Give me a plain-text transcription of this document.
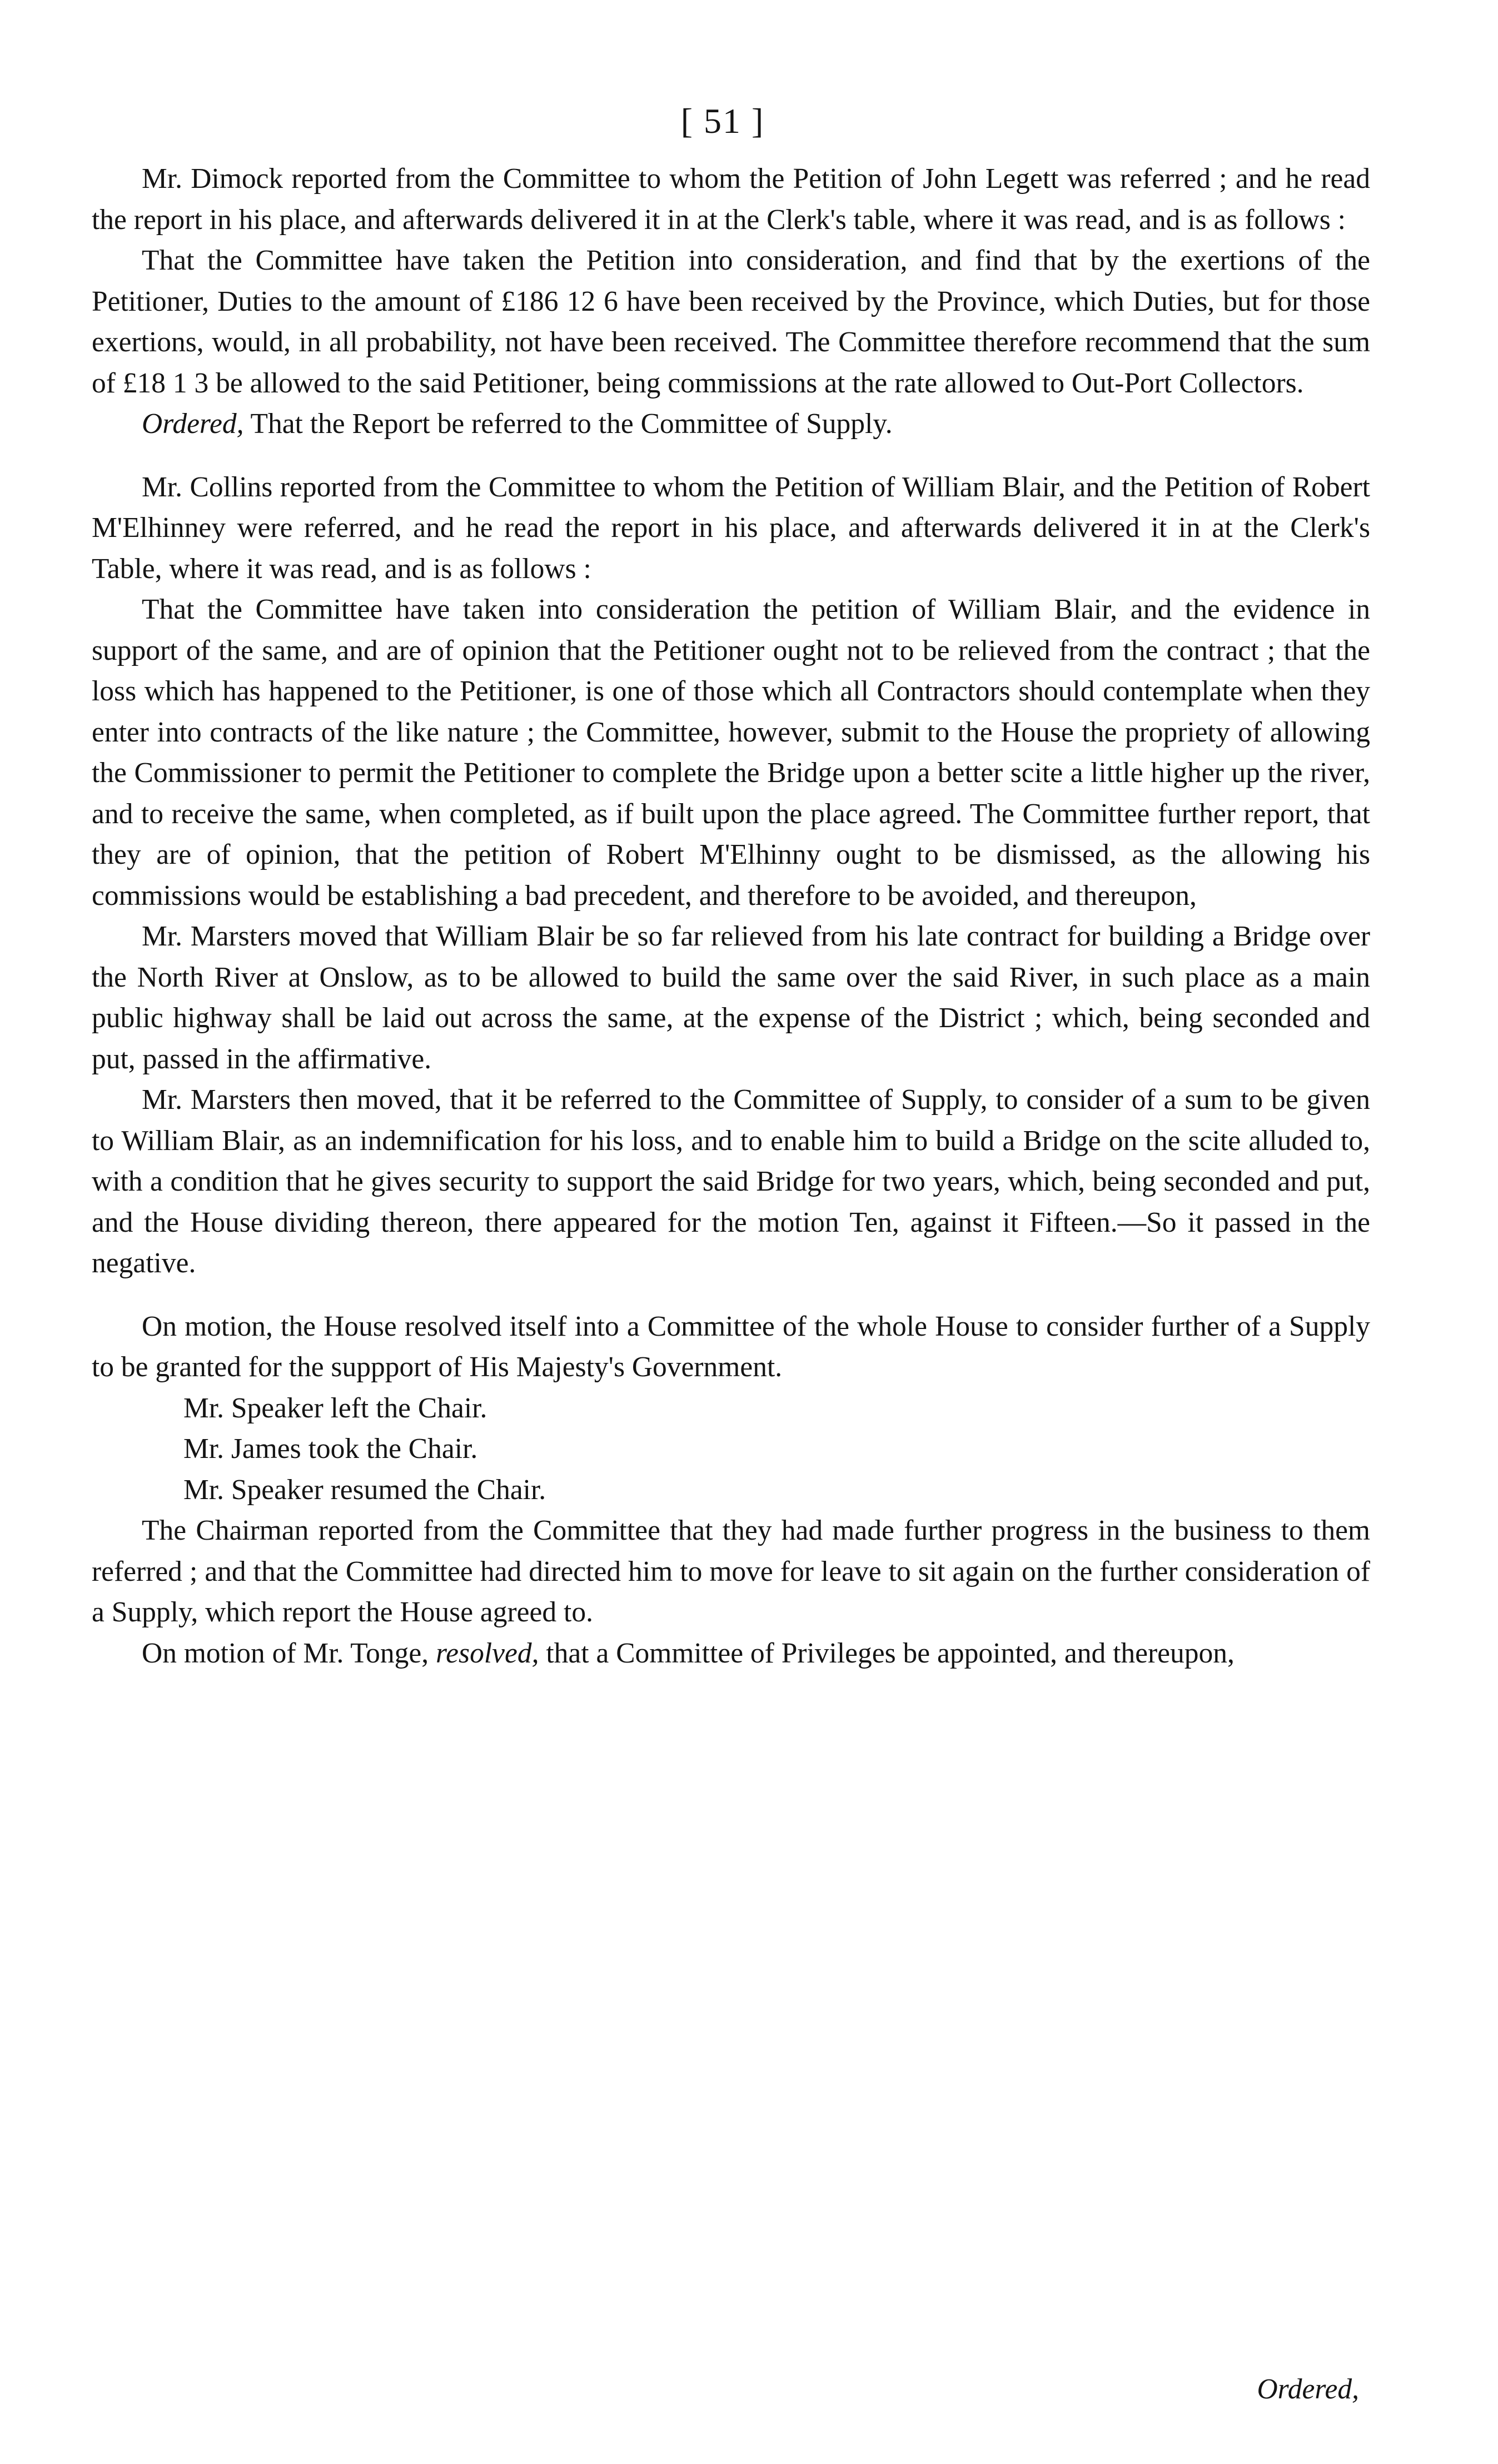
[ 51 ]

Mr. Dimock reported from the Committee to whom the Petition of John Legett was referred ; and he read the report in his place, and afterwards delivered it in at the Clerk's table, where it was read, and is as follows :

That the Committee have taken the Petition into consideration, and find that by the exertions of the Petitioner, Duties to the amount of £186 12 6 have been received by the Province, which Duties, but for those exertions, would, in all probability, not have been received. The Committee therefore recommend that the sum of £18 1 3 be allowed to the said Petitioner, being commissions at the rate allowed to Out-Port Collectors.

Ordered, That the Report be referred to the Committee of Supply.

Mr. Collins reported from the Committee to whom the Petition of William Blair, and the Petition of Robert M'Elhinney were referred, and he read the report in his place, and afterwards delivered it in at the Clerk's Table, where it was read, and is as follows :

That the Committee have taken into consideration the petition of William Blair, and the evidence in support of the same, and are of opinion that the Petitioner ought not to be relieved from the contract ; that the loss which has happened to the Petitioner, is one of those which all Contractors should contemplate when they enter into contracts of the like nature ; the Committee, however, submit to the House the propriety of allowing the Commissioner to permit the Petitioner to complete the Bridge upon a better scite a little higher up the river, and to receive the same, when completed, as if built upon the place agreed. The Committee further report, that they are of opinion, that the petition of Robert M'Elhinny ought to be dismissed, as the allowing his commissions would be establishing a bad precedent, and therefore to be avoided, and thereupon,

Mr. Marsters moved that William Blair be so far relieved from his late contract for building a Bridge over the North River at Onslow, as to be allowed to build the same over the said River, in such place as a main public highway shall be laid out across the same, at the expense of the District ; which, being seconded and put, passed in the affirmative.

Mr. Marsters then moved, that it be referred to the Committee of Supply, to consider of a sum to be given to William Blair, as an indemnification for his loss, and to enable him to build a Bridge on the scite alluded to, with a condition that he gives security to support the said Bridge for two years, which, being seconded and put, and the House dividing thereon, there appeared for the motion Ten, against it Fifteen.—So it passed in the negative.

On motion, the House resolved itself into a Committee of the whole House to consider further of a Supply to be granted for the suppport of His Majesty's Government.

Mr. Speaker left the Chair.

Mr. James took the Chair.

Mr. Speaker resumed the Chair.

The Chairman reported from the Committee that they had made further progress in the business to them referred ; and that the Committee had directed him to move for leave to sit again on the further consideration of a Supply, which report the House agreed to.

On motion of Mr. Tonge, resolved, that a Committee of Privileges be appointed, and thereupon,

Ordered,
